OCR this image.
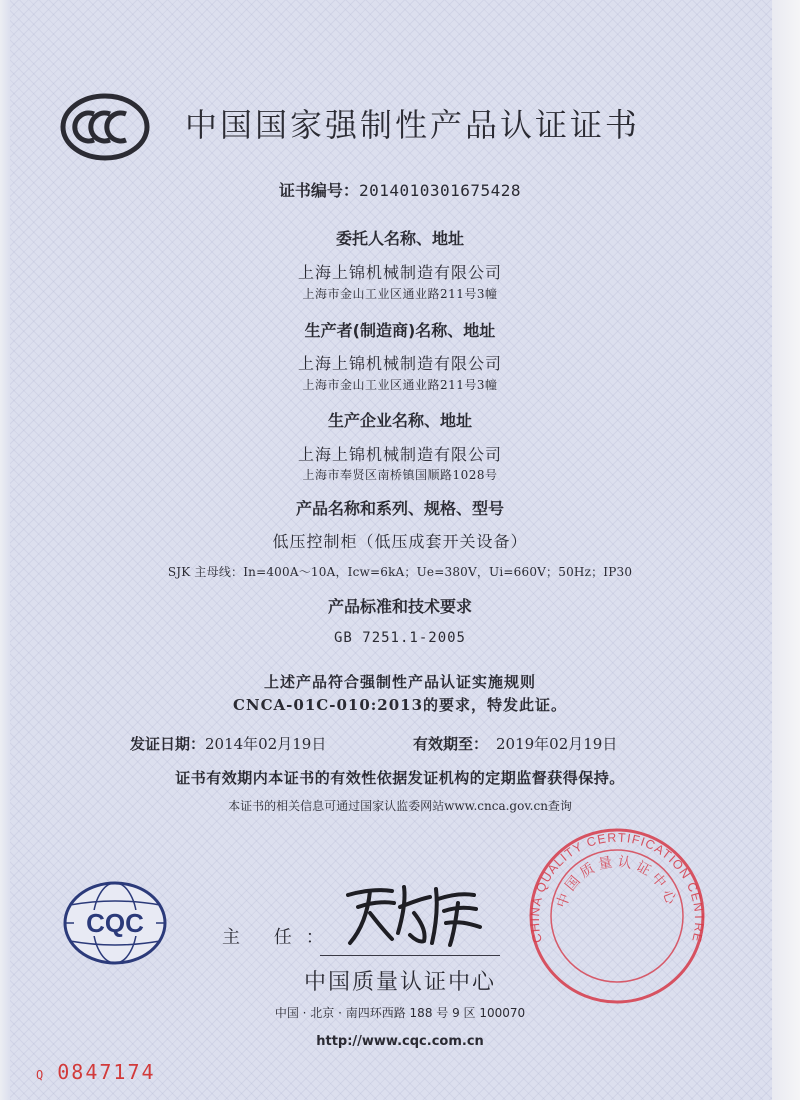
中国国家强制性产品认证证书
证书编号：2014010301675428
委托人名称、地址
上海上锦机械制造有限公司
上海市金山工业区通业路211号3幢
生产者(制造商)名称、地址
上海上锦机械制造有限公司
上海市金山工业区通业路211号3幢
生产企业名称、地址
上海上锦机械制造有限公司
上海市奉贤区南桥镇国顺路1028号
产品名称和系列、规格、型号
低压控制柜（低压成套开关设备）
SJK 主母线：In=400A～10A，Icw=6kA；Ue=380V，Ui=660V；50Hz；IP30
产品标准和技术要求
GB 7251.1-2005
上述产品符合强制性产品认证实施规则
CNCA-01C-010:2013的要求，特发此证。
发证日期： 2014年02月19日	有效期至： 2019年02月19日
证书有效期内本证书的有效性依据发证机构的定期监督获得保持。
本证书的相关信息可通过国家认监委网站www.cnca.gov.cn查询
CQC	主 任：
中国质量认证中心
中国 · 北京 · 南四环西路 188 号 9 区 100070
http://www.cqc.com.cn
Q 0847174
CHINA QUALITY CERTIFICATION CENTRE
中国质量认证中心
